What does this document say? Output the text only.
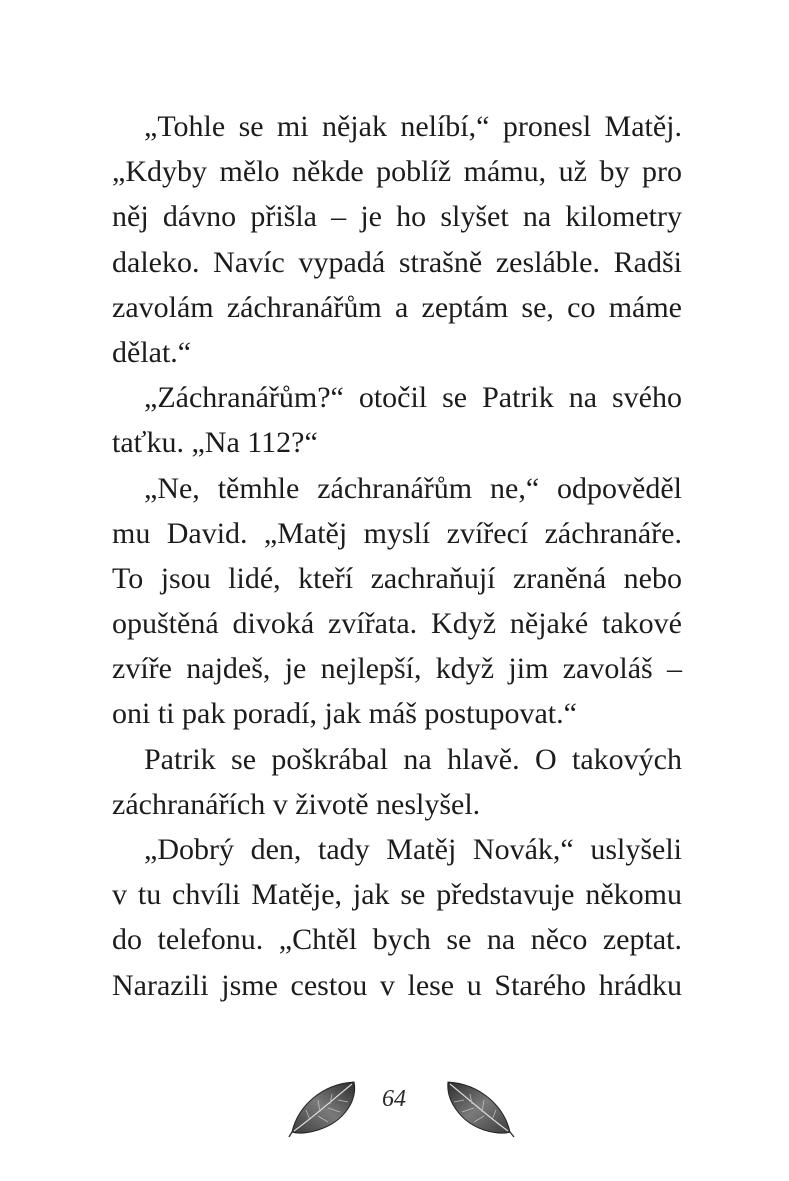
„Tohle se mi nějak nelíbí,“ pronesl Matěj.
„Kdyby mělo někde poblíž mámu, už by pro
něj dávno přišla – je ho slyšet na kilometry
daleko. Navíc vypadá strašně zesláble. Radši
zavolám záchranářům a zeptám se, co máme
dělat.“
„Záchranářům?“ otočil se Patrik na svého
taťku. „Na 112?“
„Ne, těmhle záchranářům ne,“ odpověděl
mu David. „Matěj myslí zvířecí záchranáře.
To jsou lidé, kteří zachraňují zraněná nebo
opuštěná divoká zvířata. Když nějaké takové
zvíře najdeš, je nejlepší, když jim zavoláš –
oni ti pak poradí, jak máš postupovat.“
Patrik se poškrábal na hlavě. O takových
záchranářích v životě neslyšel.
„Dobrý den, tady Matěj Novák,“ uslyšeli
v tu chvíli Matěje, jak se představuje někomu
do telefonu. „Chtěl bych se na něco zeptat.
Narazili jsme cestou v lese u Starého hrádku
64
